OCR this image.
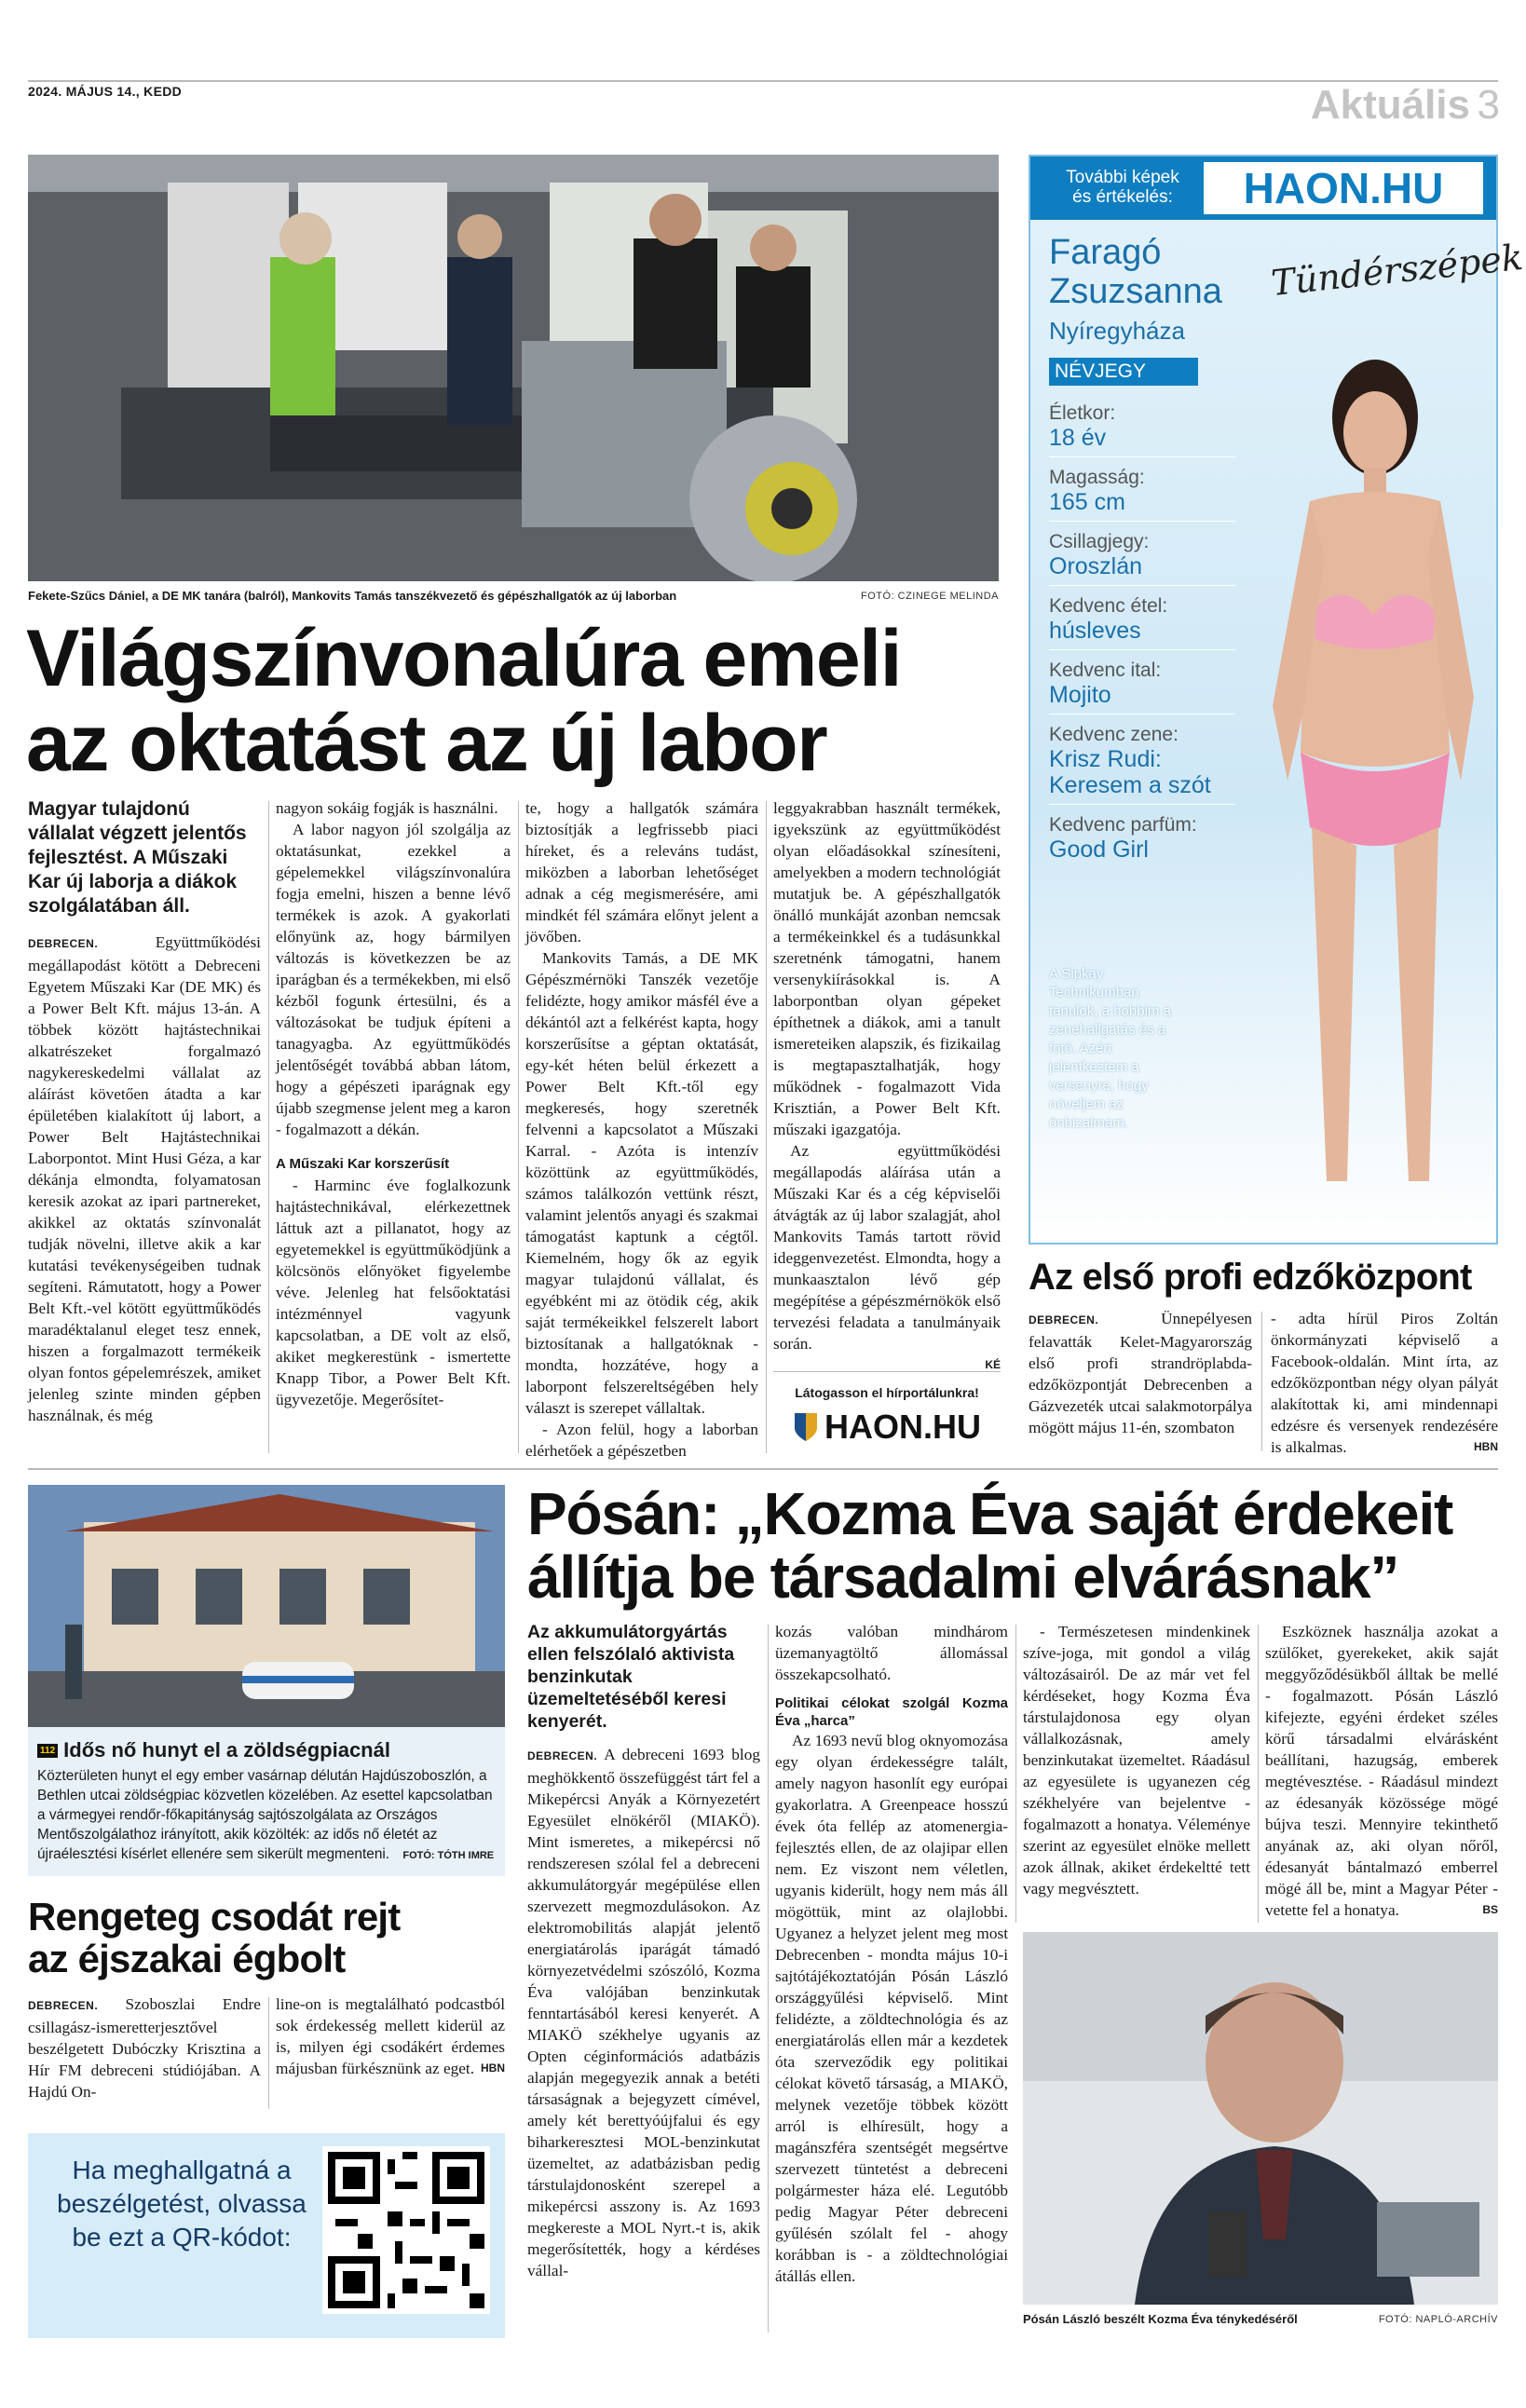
2024. MÁJUS 14., KEDD	Aktuális 3
Fekete-Szűcs Dániel, a DE MK tanára (balról), Mankovits Tamás tanszékvezető és gépészhallgatók az új laborban	FOTÓ: CZINEGE MELINDA
Világszínvonalúra emeli
az oktatást az új labor
Magyar tulajdonú vállalat végzett jelentős fejlesztést. A Műszaki Kar új laborja a diákok szolgálatában áll.

DEBRECEN.	Együttműködési megállapodást kötött a Debreceni Egyetem Műszaki Kar (DE MK) és a Power Belt Kft. május 13-án. A többek között hajtástechnikai alkatrészeket forgalmazó nagykereskedelmi vállalat az aláírást követően átadta a kar épületében kialakított új labort, a Power Belt Hajtástechnikai Laborpontot. Mint Husi Géza, a kar dékánja elmondta, folyamatosan keresik azokat az ipari partnereket, akikkel az oktatás színvonalát tudják növelni, illetve akik a kar kutatási tevékenységeiben tudnak segíteni. Rámutatott, hogy a Power Belt Kft.-vel kötött együttműködés maradéktalanul eleget tesz ennek, hiszen a forgalmazott termékeik olyan fontos gépelemrészek, amiket jelenleg szinte minden gépben használnak, és még

nagyon sokáig fogják is használni.

A labor nagyon jól szolgálja az oktatásunkat, ezekkel a gépelemekkel világszínvonalúra fogja emelni, hiszen a benne lévő termékek is azok. A gyakorlati előnyünk az, hogy bármilyen változás is következzen be az iparágban és a termékekben, mi első kézből fogunk értesülni, és a változásokat be tudjuk építeni a tanagyagba. Az együttműködés jelentőségét továbbá abban látom, hogy a gépészeti iparágnak egy újabb szegmense jelent meg a karon - fogalmazott a dékán.

A Műszaki Kar korszerűsít

- Harminc éve foglalkozunk hajtástechnikával, elérkezettnek láttuk azt a pillanatot, hogy az egyetemekkel is együttműködjünk a kölcsönös előnyöket figyelembe véve. Jelenleg hat felsőoktatási intézménnyel vagyunk kapcsolatban, a DE volt az első, akiket megkerestünk - ismertette Knapp Tibor, a Power Belt Kft. ügyvezetője. Megerősítet-

te, hogy a hallgatók számára biztosítják a legfrissebb piaci híreket, és a releváns tudást, miközben a laborban lehetőséget adnak a cég megismerésére, ami mindkét fél számára előnyt jelent a jövőben.

Mankovits Tamás, a DE MK Gépészmérnöki Tanszék vezetője felidézte, hogy amikor másfél éve a dékántól azt a felkérést kapta, hogy korszerűsítse a géptan oktatását, egy-két héten belül érkezett a Power Belt Kft.-től egy megkeresés, hogy szeretnék felvenni a kapcsolatot a Műszaki Karral. - Azóta is intenzív közöttünk az együttműködés, számos találkozón vettünk részt, valamint jelentős anyagi és szakmai támogatást kaptunk a cégtől. Kiemelném, hogy ők az egyik magyar tulajdonú vállalat, és egyébként mi az ötödik cég, akik saját termékeikkel felszerelt labort biztosítanak a hallgatóknak - mondta, hozzátéve, hogy a laborpont felszereltségében hely választ is szerepet vállaltak.

- Azon felül, hogy a laborban elérhetőek a gépészetben

leggyakrabban használt termékek, igyekszünk az együttműködést olyan előadásokkal színesíteni, amelyekben a modern technológiát mutatjuk be. A gépészhallgatók önálló munkáját azonban nemcsak a termékeinkkel és a tudásunkkal szeretnénk támogatni, hanem versenykiírásokkal is. A laborpontban olyan gépeket építhetnek a diákok, ami a tanult ismereteiken alapszik, és fizikailag is megtapasztalhatják, hogy működnek - fogalmazott Vida Krisztián, a Power Belt Kft. műszaki igazgatója.

Az együttműködési megállapodás aláírása után a Műszaki Kar és a cég képviselői átvágták az új labor szalagját, ahol Mankovits Tamás tartott rövid ideggenvezetést. Elmondta, hogy a munkaasztalon lévő gép megépítése a gépészmérnökök első tervezési feladata a tanulmányaik során.

KÉ
Látogasson el hírportálunkra!
HAON.HU
További képek
és értékelés:	HAON.HU
Faragó
Zsuzsanna
Nyíregyháza
Tündérszépek
NÉVJEGY
Életkor:
18 év
Magasság:
165 cm
Csillagjegy:
Oroszlán
Kedvenc étel:
húsleves
Kedvenc ital:
Mojito
Kedvenc zene:
Krisz Rudi: Keresem a szót
Kedvenc parfüm:
Good Girl
A Sipkay Technikumban tanulok, a hobbim a zenehallgatás és a fotó. Azért jelentkeztem a versenyre, hogy növeljem az önbizalmam.
Az első profi edzőközpont

DEBRECEN.	Ünnepélyesen felavatták Kelet-Magyarország első profi strandröplabda-edzőközpontját Debrecenben a Gázvezeték utcai salakmotorpálya mögött május 11-én, szombaton

- adta hírül Piros Zoltán önkormányzati képviselő a Facebook-oldalán. Mint írta, az edzőközpontban négy olyan pályát alakítottak ki, ami mindennapi edzésre és versenyek rendezésére is alkalmas.	HBN

112 Idős nő hunyt el a zöldségpiacnál
Közterületen hunyt el egy ember vasárnap délután Hajdúszoboszlón, a Bethlen utcai zöldségpiac közvetlen közelében. Az esettel kapcsolatban a vármegyei rendőr-főkapitányság sajtószolgálata az Országos Mentőszolgálathoz irányított, akik közölték: az idős nő életét az újraélesztési kísérlet ellenére sem sikerült megmenteni. FOTÓ: TÓTH IMRE
Rengeteg csodát rejt
az éjszakai égbolt

DEBRECEN. Szoboszlai Endre csillagász-ismeretterjesztővel beszélgetett Dubóczky Krisztina a Hír FM debreceni stúdiójában. A Hajdú On-

line-on is megtalálható podcastból sok érdekesség mellett kiderül az is, milyen égi csodákért érdemes májusban fürkésznünk az eget. HBN

Ha meghallgatná a beszélgetést, olvassa be ezt a QR-kódot:
Pósán: „Kozma Éva saját érdekeit
állítja be társadalmi elvárásnak”
Az akkumulátorgyártás ellen felszólaló aktivista benzinkutak üzemeltetéséből keresi kenyerét.

DEBRECEN. A debreceni 1693 blog meghökkentő összefüggést tárt fel a Mikepércsi Anyák a Környezetért Egyesület elnökéről (MIAKÖ). Mint ismeretes, a mikepércsi nő rendszeresen szólal fel a debreceni akkumulátorgyár megépülése ellen szervezett megmozdulásokon. Az elektromobilitás alapját jelentő energiatárolás iparágát támadó környezetvédelmi szószóló, Kozma Éva valójában benzinkutak fenntartásából keresi kenyerét. A MIAKÖ székhelye ugyanis az Opten céginformációs adatbázis alapján megegyezik annak a betéti társaságnak a bejegyzett címével, amely két berettyóújfalui és egy biharkeresztesi MOL-benzinkutat üzemeltet, az adatbázisban pedig társtulajdonosként szerepel a mikepércsi asszony is. Az 1693 megkereste a MOL Nyrt.-t is, akik megerősítették, hogy a kérdéses vállal-

kozás valóban mindhárom üzemanyagtöltő állomással összekapcsolható.

Politikai célokat szolgál Kozma Éva „harca”

Az 1693 nevű blog oknyomozása egy olyan érdekességre talált, amely nagyon hasonlít egy európai gyakorlatra. A Greenpeace hosszú évek óta fellép az atomenergia-fejlesztés ellen, de az olajipar ellen nem. Ez viszont nem véletlen, ugyanis kiderült, hogy nem más áll mögöttük, mint az olajlobbi. Ugyanez a helyzet jelent meg most Debrecenben - mondta május 10-i sajtótájékoztatóján Pósán László országgyűlési képviselő. Mint felidézte, a zöldtechnológia és az energiatárolás ellen már a kezdetek óta szerveződik egy politikai célokat követő társaság, a MIAKÖ, melynek vezetője többek között arról is elhíresült, hogy a magánszféra szentségét megsértve szervezett tüntetést a debreceni polgármester háza elé. Legutóbb pedig Magyar Péter debreceni gyűlésén szólalt fel - ahogy korábban is - a zöldtechnológiai átállás ellen.

- Természetesen mindenkinek szíve-joga, mit gondol a világ változásairól. De az már vet fel kérdéseket, hogy Kozma Éva társtulajdonosa egy olyan vállalkozásnak, amely benzinkutakat üzemeltet. Ráadásul az egyesülete is ugyanezen cég székhelyére van bejelentve - fogalmazott a honatya. Véleménye szerint az egyesület elnöke mellett azok állnak, akiket érdekeltté tett vagy megvésztett.

Eszköznek használja azokat a szülőket, gyerekeket, akik saját meggyőződésükből álltak be mellé - fogalmazott. Pósán László kifejezte, egyéni érdeket széles körű társadalmi elvárásként beállítani, hazugság, emberek megtévesztése. - Ráadásul mindezt az édesanyák közössége mögé bújva teszi. Mennyire tekinthető anyának az, aki olyan nőről, édesanyát bántalmazó emberrel mögé áll be, mint a Magyar Péter - vetette fel a honatya.	BS

Pósán László beszélt Kozma Éva ténykedéséről	FOTÓ: NAPLÓ-ARCHÍV
